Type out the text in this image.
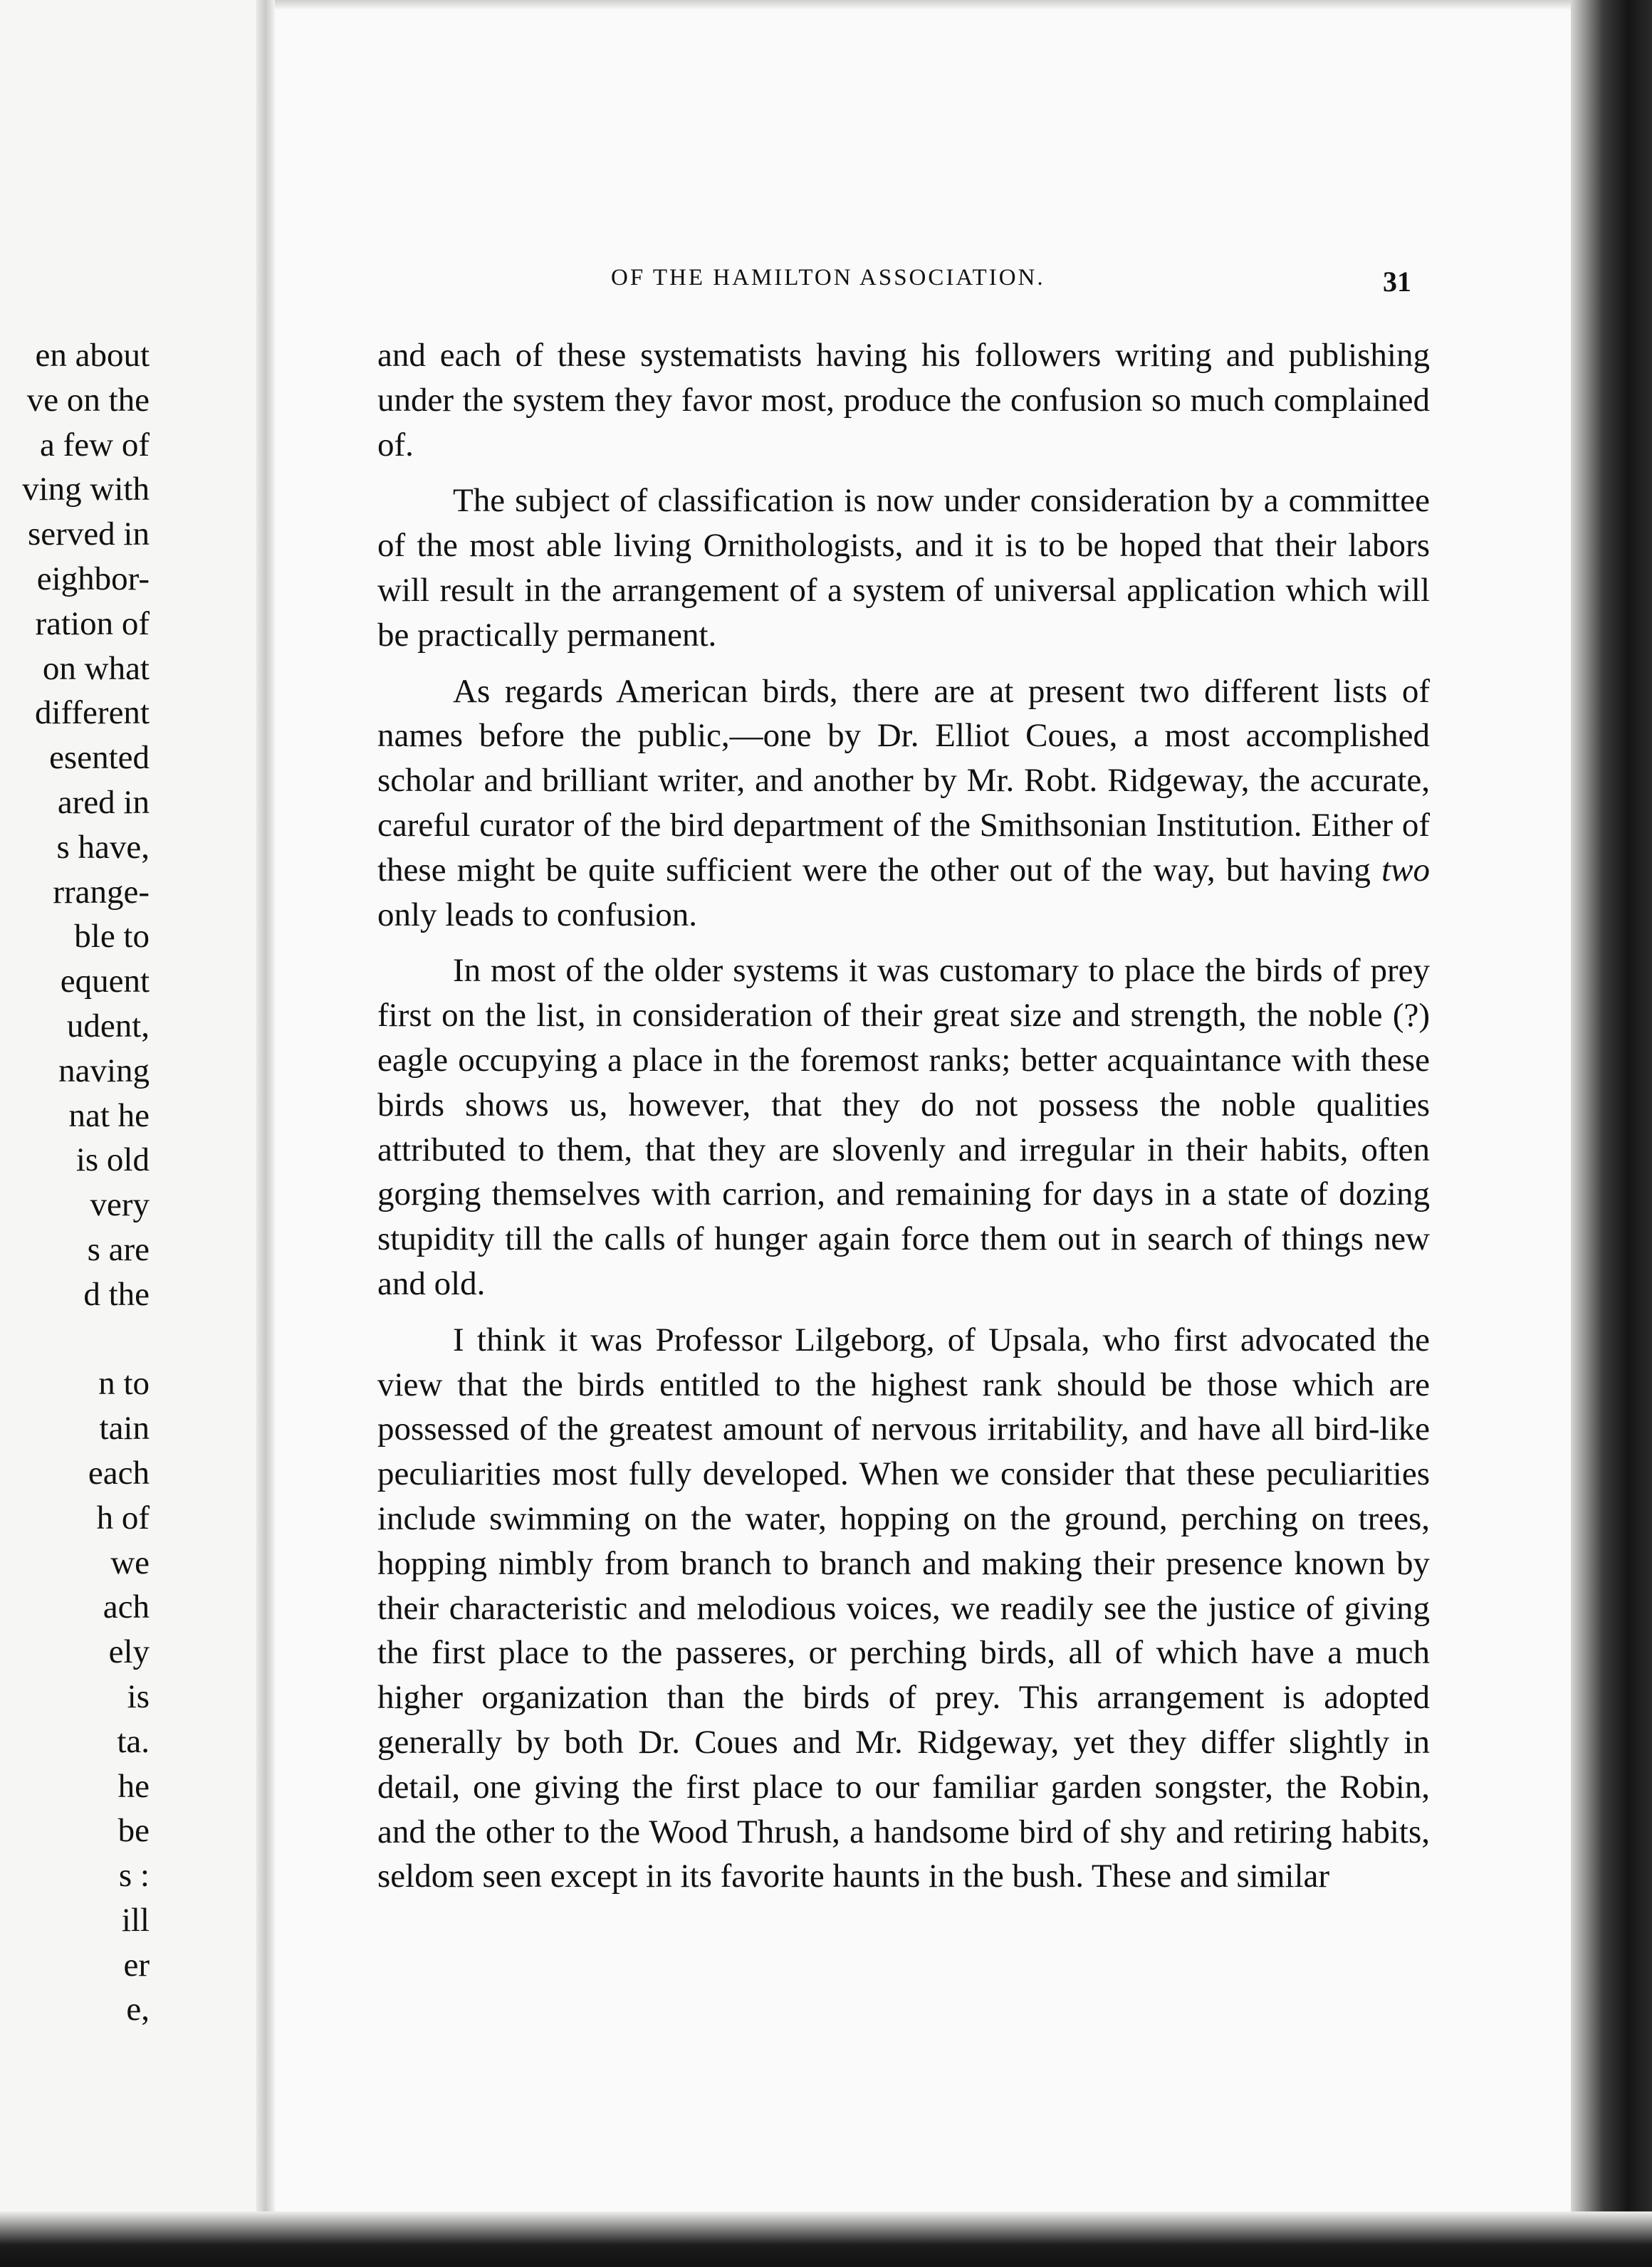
en about
ve on the
a few of
ving with
served in
eighbor-
ration of
on what
different
esented
ared in
s have,
rrange-
ble to
equent
udent,
naving
nat he
is old
very
s are
d the
n to
tain
each
h of
we
ach
ely
is
ta.
he
be
s :
ill
er
e,
OF THE HAMILTON ASSOCIATION.	31

and each of these systematists having his followers writing and publishing under the system they favor most, produce the confusion so much complained of.

The subject of classification is now under consideration by a committee of the most able living Ornithologists, and it is to be hoped that their labors will result in the arrangement of a system of universal application which will be practically permanent.

As regards American birds, there are at present two different lists of names before the public,—one by Dr. Elliot Coues, a most accomplished scholar and brilliant writer, and another by Mr. Robt. Ridgeway, the accurate, careful curator of the bird department of the Smithsonian Institution. Either of these might be quite sufficient were the other out of the way, but having two only leads to confusion.

In most of the older systems it was customary to place the birds of prey first on the list, in consideration of their great size and strength, the noble (?) eagle occupying a place in the foremost ranks; better acquaintance with these birds shows us, however, that they do not possess the noble qualities attributed to them, that they are slovenly and irregular in their habits, often gorging themselves with carrion, and remaining for days in a state of dozing stupidity till the calls of hunger again force them out in search of things new and old.

I think it was Professor Lilgeborg, of Upsala, who first advocated the view that the birds entitled to the highest rank should be those which are possessed of the greatest amount of nervous irritability, and have all bird-like peculiarities most fully developed. When we consider that these peculiarities include swimming on the water, hopping on the ground, perching on trees, hopping nimbly from branch to branch and making their presence known by their characteristic and melodious voices, we readily see the justice of giving the first place to the passeres, or perching birds, all of which have a much higher organization than the birds of prey. This arrangement is adopted generally by both Dr. Coues and Mr. Ridgeway, yet they differ slightly in detail, one giving the first place to our familiar garden songster, the Robin, and the other to the Wood Thrush, a handsome bird of shy and retiring habits, seldom seen except in its favorite haunts in the bush. These and similar
